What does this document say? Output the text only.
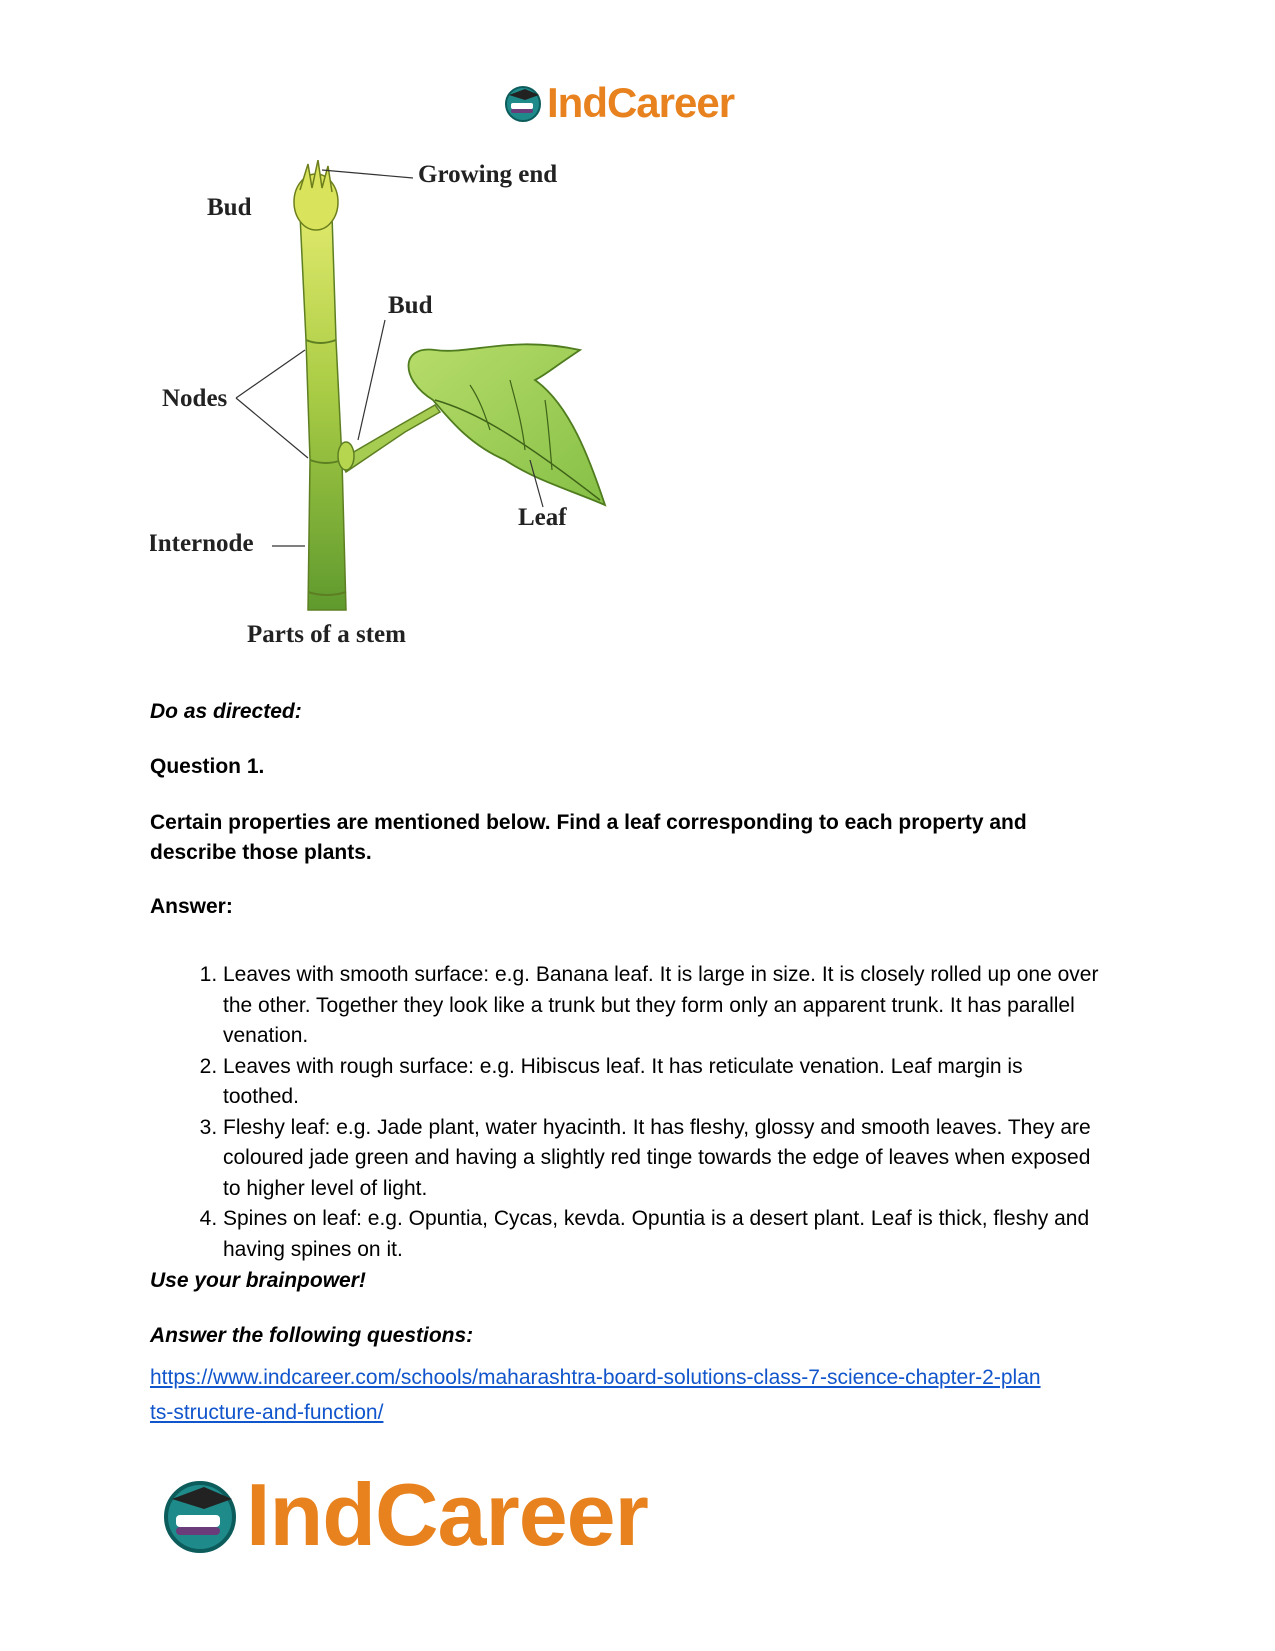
IndCareer
Growing end
Bud
Bud
Nodes
Leaf
Internode
Parts of a stem

Do as directed:

Question 1.

Certain properties are mentioned below. Find a leaf corresponding to each property and describe those plants.

Answer:

1. Leaves with smooth surface: e.g. Banana leaf. It is large in size. It is closely rolled up one over the other. Together they look like a trunk but they form only an apparent trunk. It has parallel venation.
2. Leaves with rough surface: e.g. Hibiscus leaf. It has reticulate venation. Leaf margin is toothed.
3. Fleshy leaf: e.g. Jade plant, water hyacinth. It has fleshy, glossy and smooth leaves. They are coloured jade green and having a slightly red tinge towards the edge of leaves when exposed to higher level of light.
4. Spines on leaf: e.g. Opuntia, Cycas, kevda. Opuntia is a desert plant. Leaf is thick, fleshy and having spines on it.

Use your brainpower!

Answer the following questions:

https://www.indcareer.com/schools/maharashtra-board-solutions-class-7-science-chapter-2-plan
ts-structure-and-function/
IndCareer
